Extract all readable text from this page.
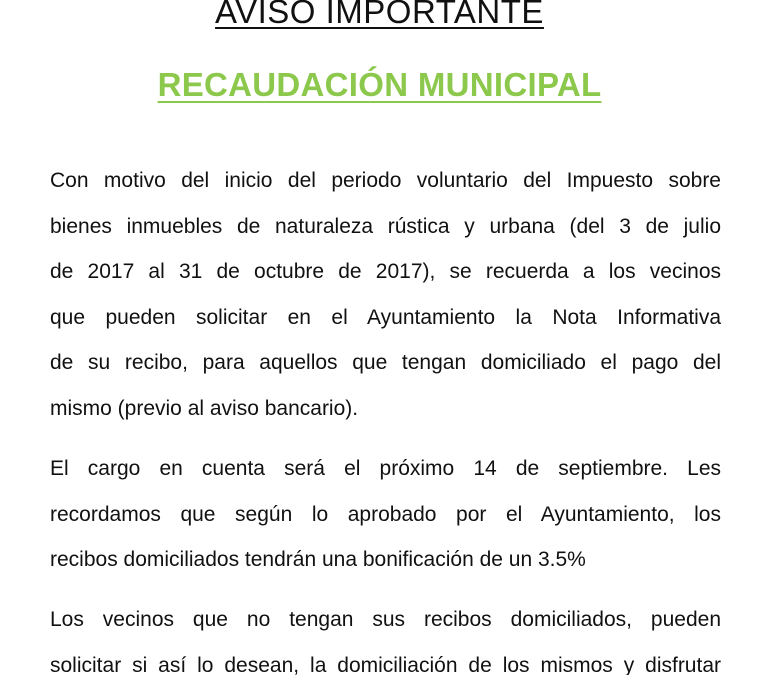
AVISO IMPORTANTE
RECAUDACIÓN MUNICIPAL
Con motivo del inicio del periodo voluntario del Impuesto sobre
bienes inmuebles de naturaleza rústica y urbana (del 3 de julio
de 2017 al 31 de octubre de 2017), se recuerda a los vecinos
que pueden solicitar en el Ayuntamiento la Nota Informativa
de su recibo, para aquellos que tengan domiciliado el pago del
mismo (previo al aviso bancario).
El cargo en cuenta será el próximo 14 de septiembre. Les
recordamos que según lo aprobado por el Ayuntamiento, los
recibos domiciliados tendrán una bonificación de un 3.5%
Los vecinos que no tengan sus recibos domiciliados, pueden
solicitar si así lo desean, la domiciliación de los mismos y disfrutar
